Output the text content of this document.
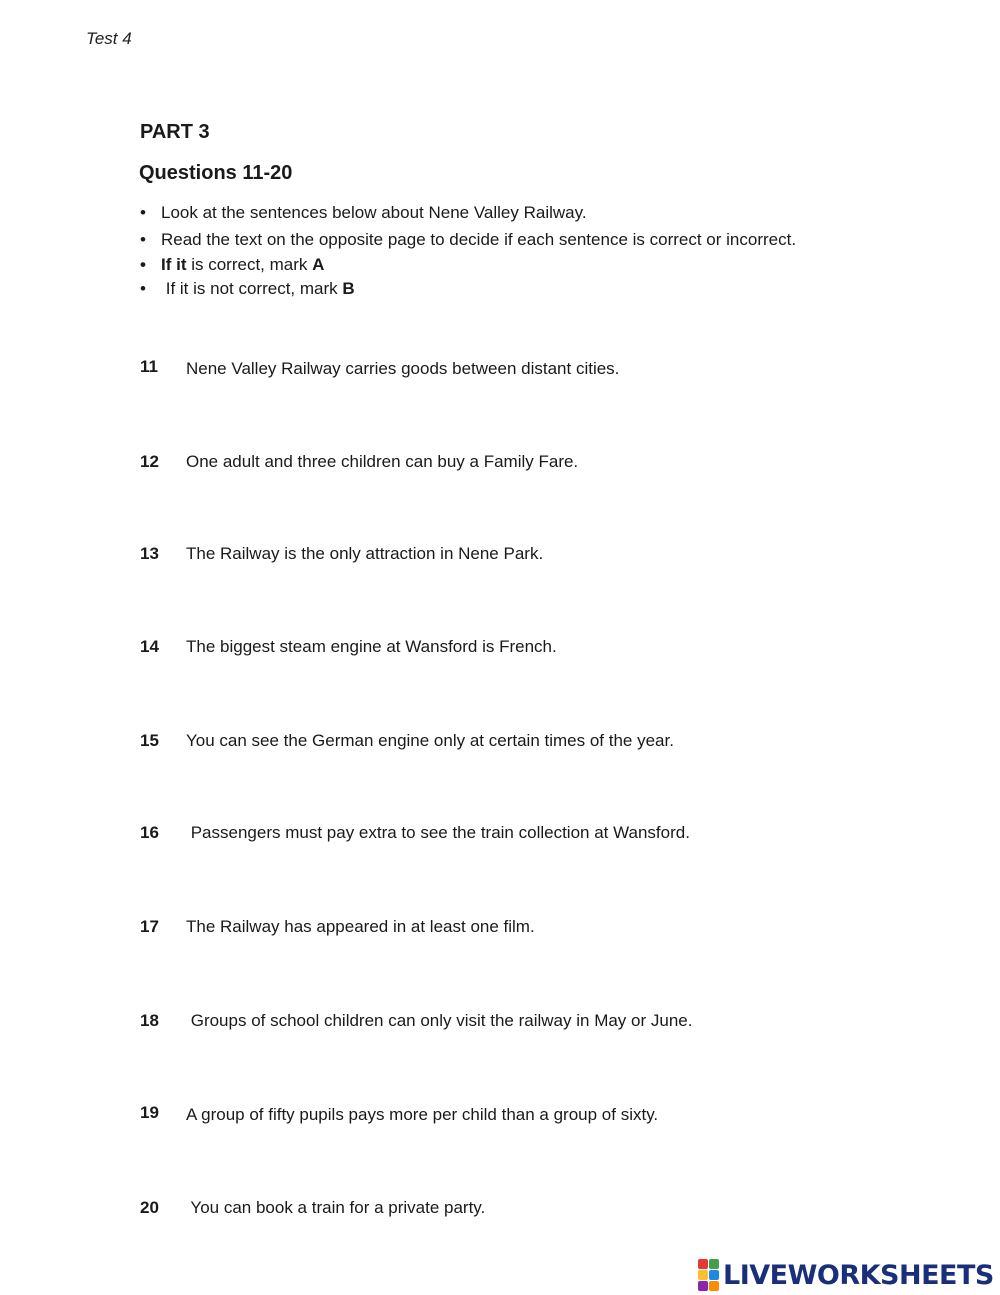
Test 4
PART 3
Questions 11-20
• Look at the sentences below about Nene Valley Railway.
• Read the text on the opposite page to decide if each sentence is correct or incorrect.
• If it is correct, mark A
• If it is not correct, mark B
11 Nene Valley Railway carries goods between distant cities.
12 One adult and three children can buy a Family Fare.
13 The Railway is the only attraction in Nene Park.
14 The biggest steam engine at Wansford is French.
15 You can see the German engine only at certain times of the year.
16 Passengers must pay extra to see the train collection at Wansford.
17 The Railway has appeared in at least one film.
18 Groups of school children can only visit the railway in May or June.
19 A group of fifty pupils pays more per child than a group of sixty.
20 You can book a train for a private party.
LIVEWORKSHEETS
